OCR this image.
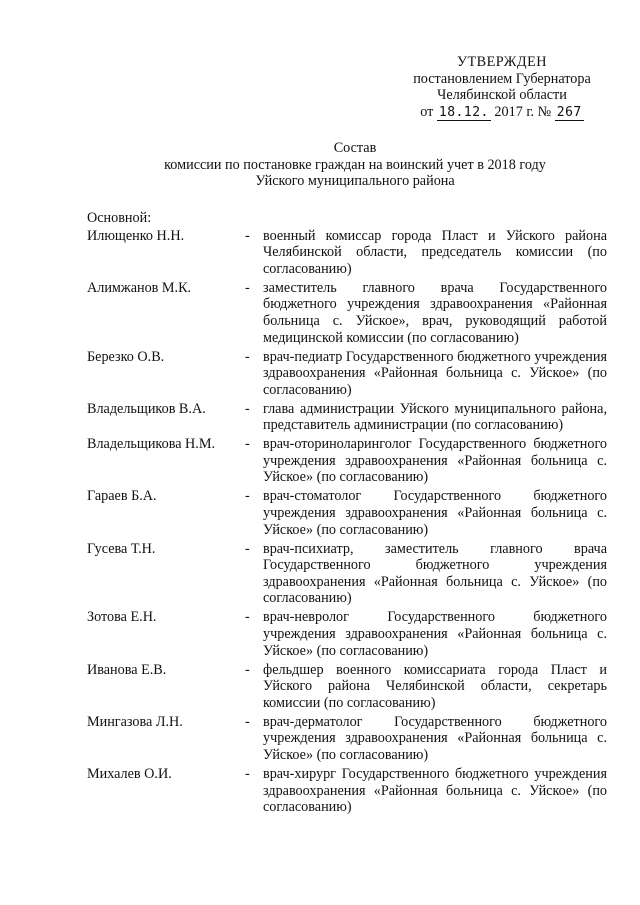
УТВЕРЖДЕН
постановлением Губернатора
Челябинской области
от 18.12. 2017 г. № 267
Состав
комиссии по постановке граждан на воинский учет в 2018 году
Уйского муниципального района
Основной:
Илющенко Н.Н.	- военный комиссар города Пласт и Уйского района Челябинской области, председатель комиссии (по согласованию)
Алимжанов М.К.	- заместитель главного врача Государственного бюджетного учреждения здравоохранения «Районная больница с. Уйское», врач, руководящий работой медицинской комиссии (по согласованию)
Березко О.В.	- врач-педиатр Государственного бюджетного учреждения здравоохранения «Районная больница с. Уйское» (по согласованию)
Владельщиков В.А.	- глава администрации Уйского муниципального района, представитель администрации (по согласованию)
Владельщикова Н.М.	- врач-оториноларинголог Государственного бюджетного учреждения здравоохранения «Районная больница с. Уйское» (по согласованию)
Гараев Б.А.	- врач-стоматолог Государственного бюджетного учреждения здравоохранения «Районная больница с. Уйское» (по согласованию)
Гусева Т.Н.	- врач-психиатр, заместитель главного врача Государственного бюджетного учреждения здравоохранения «Районная больница с. Уйское» (по согласованию)
Зотова Е.Н.	- врач-невролог Государственного бюджетного учреждения здравоохранения «Районная больница с. Уйское» (по согласованию)
Иванова Е.В.	- фельдшер военного комиссариата города Пласт и Уйского района Челябинской области, секретарь комиссии (по согласованию)
Мингазова Л.Н.	- врач-дерматолог Государственного бюджетного учреждения здравоохранения «Районная больница с. Уйское» (по согласованию)
Михалев О.И.	- врач-хирург Государственного бюджетного учреждения здравоохранения «Районная больница с. Уйское» (по согласованию)
